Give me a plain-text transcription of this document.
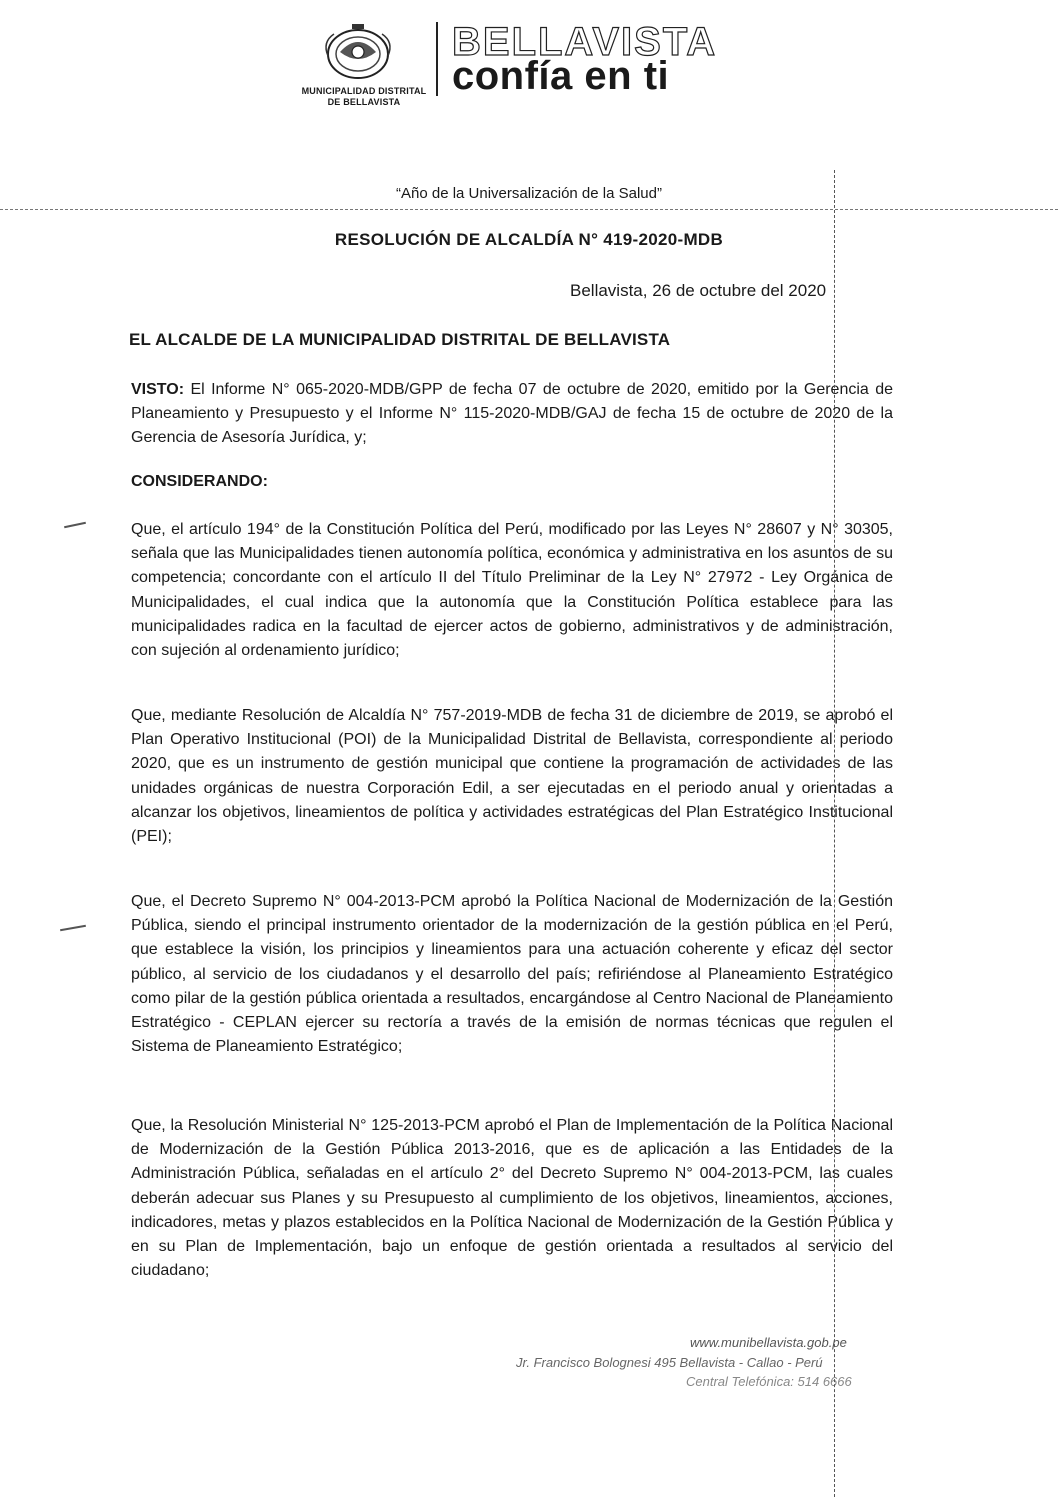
MUNICIPALIDAD DISTRITAL DE BELLAVISTA
BELLAVISTA
confía en ti
“Año de la Universalización de la Salud”
RESOLUCIÓN DE ALCALDÍA N° 419-2020-MDB
Bellavista, 26 de octubre del 2020
EL ALCALDE DE LA MUNICIPALIDAD DISTRITAL DE BELLAVISTA

VISTO: El Informe N° 065-2020-MDB/GPP de fecha 07 de octubre de 2020, emitido por la Gerencia de Planeamiento y Presupuesto y el Informe N° 115-2020-MDB/GAJ de fecha 15 de octubre de 2020 de la Gerencia de Asesoría Jurídica, y;

CONSIDERANDO:

Que, el artículo 194° de la Constitución Política del Perú, modificado por las Leyes N° 28607 y N° 30305, señala que las Municipalidades tienen autonomía política, económica y administrativa en los asuntos de su competencia; concordante con el artículo II del Título Preliminar de la Ley N° 27972 - Ley Orgánica de Municipalidades, el cual indica que la autonomía que la Constitución Política establece para las municipalidades radica en la facultad de ejercer actos de gobierno, administrativos y de administración, con sujeción al ordenamiento jurídico;

Que, mediante Resolución de Alcaldía N° 757-2019-MDB de fecha 31 de diciembre de 2019, se aprobó el Plan Operativo Institucional (POI) de la Municipalidad Distrital de Bellavista, correspondiente al periodo 2020, que es un instrumento de gestión municipal que contiene la programación de actividades de las unidades orgánicas de nuestra Corporación Edil, a ser ejecutadas en el periodo anual y orientadas a alcanzar los objetivos, lineamientos de política y actividades estratégicas del Plan Estratégico Institucional (PEI);

Que, el Decreto Supremo N° 004-2013-PCM aprobó la Política Nacional de Modernización de la Gestión Pública, siendo el principal instrumento orientador de la modernización de la gestión pública en el Perú, que establece la visión, los principios y lineamientos para una actuación coherente y eficaz del sector público, al servicio de los ciudadanos y el desarrollo del país; refiriéndose al Planeamiento Estratégico como pilar de la gestión pública orientada a resultados, encargándose al Centro Nacional de Planeamiento Estratégico - CEPLAN ejercer su rectoría a través de la emisión de normas técnicas que regulen el Sistema de Planeamiento Estratégico;

Que, la Resolución Ministerial N° 125-2013-PCM aprobó el Plan de Implementación de la Política Nacional de Modernización de la Gestión Pública 2013-2016, que es de aplicación a las Entidades de la Administración Pública, señaladas en el artículo 2° del Decreto Supremo N° 004-2013-PCM, las cuales deberán adecuar sus Planes y su Presupuesto al cumplimiento de los objetivos, lineamientos, acciones, indicadores, metas y plazos establecidos en la Política Nacional de Modernización de la Gestión Pública y en su Plan de Implementación, bajo un enfoque de gestión orientada a resultados al servicio del ciudadano;

www.munibellavista.gob.pe
Jr. Francisco Bolognesi 495 Bellavista - Callao - Perú
Central Telefónica: 514 6666
